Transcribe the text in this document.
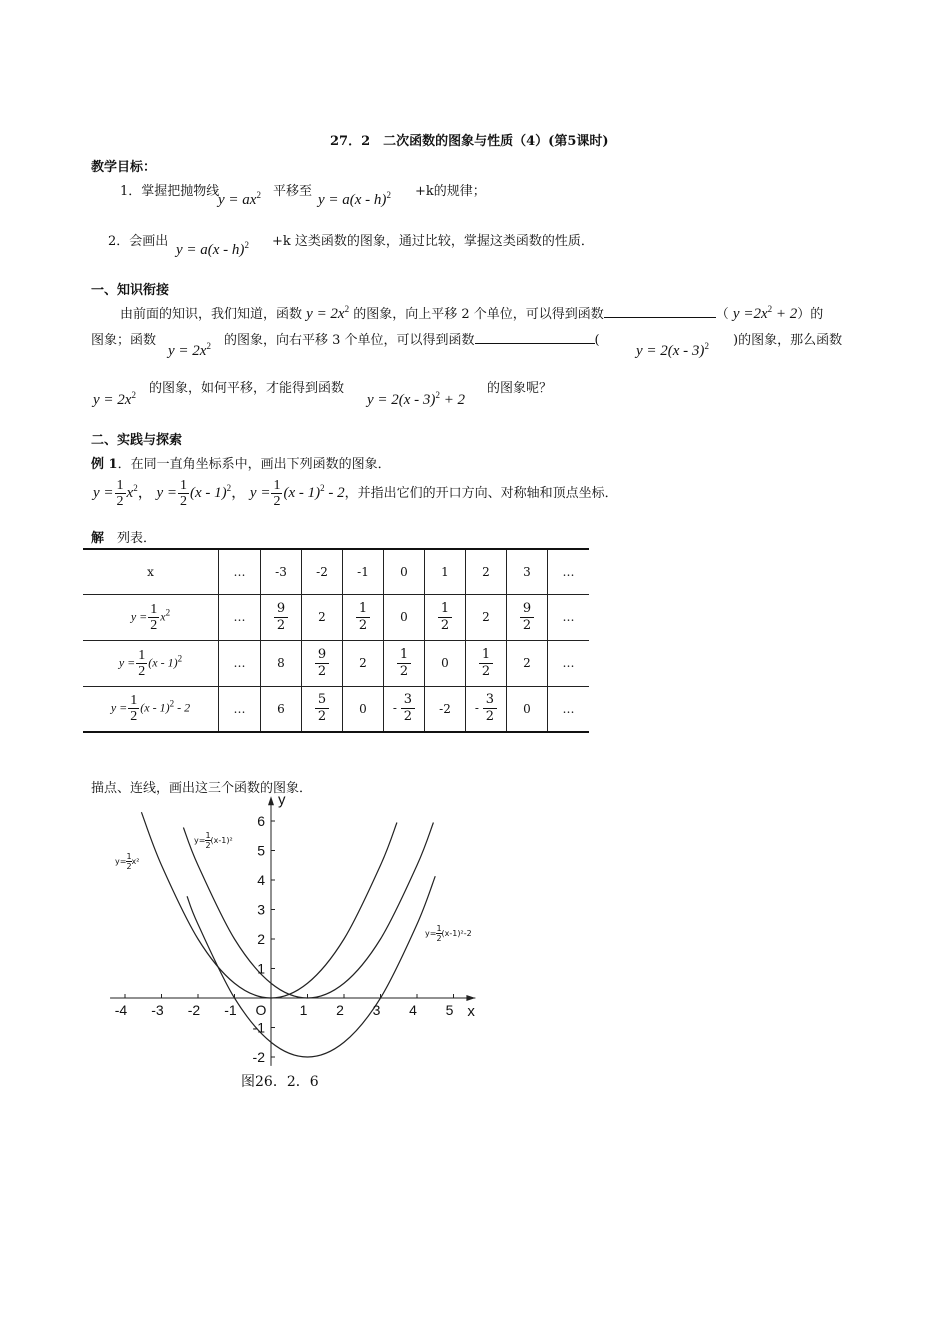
27．2　二次函数的图象与性质（4）(第5课时)
教学目标：
1．掌握把抛物线
$y = ax^2$ 平移至
y = a(x - h)$^2$ +k的规律；
2．会画出
y = a(x - h)$^2$ +k 这类函数的图象，通过比较，掌握这类函数的性质．
一、知识衔接
由前面的知识，我们知道，函数 $y = 2x^2$ 的图象，向上平移 2 个单位，可以得到函数	（ $y =2x^2 + 2$）的
图象；函数
$y = 2x^2$ 的图象，向右平移 3 个单位，可以得到函数	(
y = 2(x - 3)$^2$ )的图象，那么函数
$y = 2x^2$ 的图象，如何平移，才能得到函数
y = 2(x - 3)$^2$ + 2
的图象呢？
二、实践与探索
例 1．在同一直角坐标系中，画出下列函数的图象．
$y = \frac{1}{2} x^2$， $y = \frac{1}{2} (x - 1)^2$， $y = \frac{1}{2} (x - 1)^2 - 2$，并指出它们的开口方向、对称轴和顶点坐标．
解　 列表．
x	…	-3	-2	-1	0	1	2	3	…
$y = \frac{1}{2} x^2$	…	$\frac{9}{2}$	2	$\frac{1}{2}$	0	$\frac{1}{2}$	2	$\frac{9}{2}$	…
$y = \frac{1}{2} (x - 1)^2$	…	8	$\frac{9}{2}$	2	$\frac{1}{2}$	0	$\frac{1}{2}$	2	…
$y = \frac{1}{2} (x - 1)^2 - 2$	…	6	$\frac{5}{2}$	0	- $\frac{3}{2}$	-2	- $\frac{3}{2}$	0	…
描点、连线，画出这三个函数的图象．
-4 -3 -2 -1 O 1 2 3 4 5
6
5
4
3
2
1
-1
-2
x
y
$y= \frac{1}{2} x^2$
$y= \frac{1}{2} (x-1)^2$
$y= \frac{1}{2} (x-1)^2-2$
图26．2．6
